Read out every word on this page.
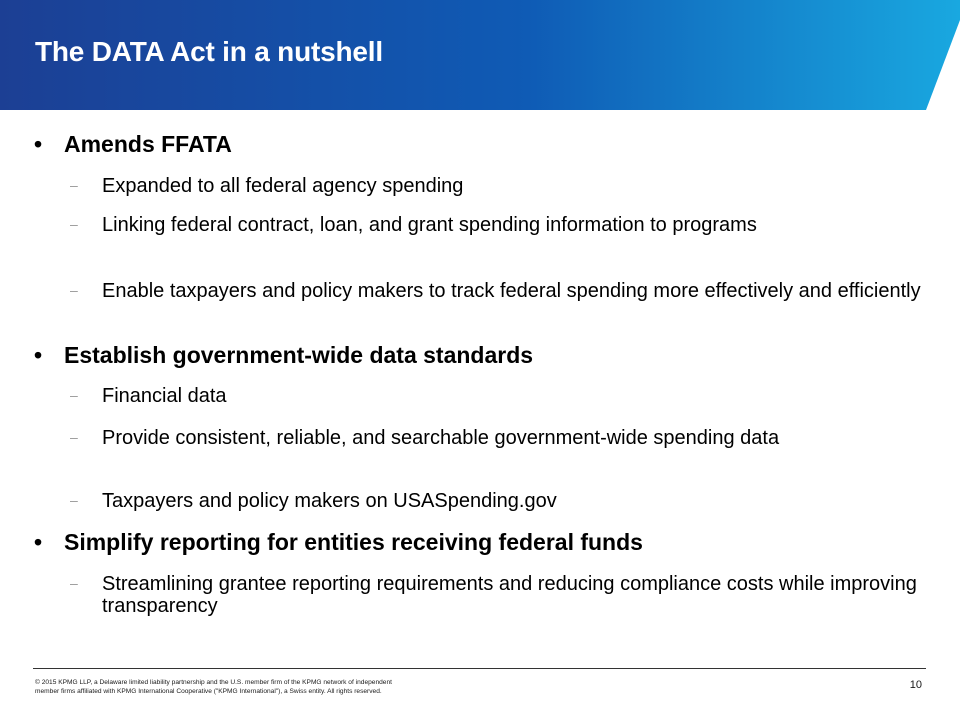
The DATA Act in a nutshell
• Amends FFATA
– Expanded to all federal agency spending
– Linking federal contract, loan, and grant spending information to programs
– Enable taxpayers and policy makers to track federal spending more effectively and efficiently
• Establish government-wide data standards
– Financial data
– Provide consistent, reliable, and searchable government-wide spending data
– Taxpayers and policy makers on USASpending.gov
• Simplify reporting for entities receiving federal funds
– Streamlining grantee reporting requirements and reducing compliance costs while improving transparency
© 2015 KPMG LLP, a Delaware limited liability partnership and the U.S. member firm of the KPMG network of independent
member firms affiliated with KPMG International Cooperative ("KPMG International"), a Swiss entity. All rights reserved.
10
